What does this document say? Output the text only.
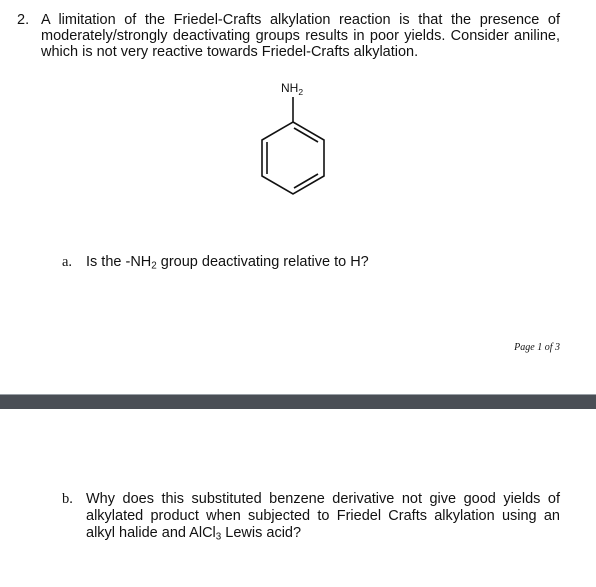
2. A limitation of the Friedel-Crafts alkylation reaction is that the presence of moderately/strongly deactivating groups results in poor yields. Consider aniline, which is not very reactive towards Friedel-Crafts alkylation.
$NH_2$
a. Is the $-NH_2$ group deactivating relative to H?
Page 1 of 3
b. Why does this substituted benzene derivative not give good yields of alkylated product when subjected to Friedel Crafts alkylation using an alkyl halide and AlCl$_3$ Lewis acid?
